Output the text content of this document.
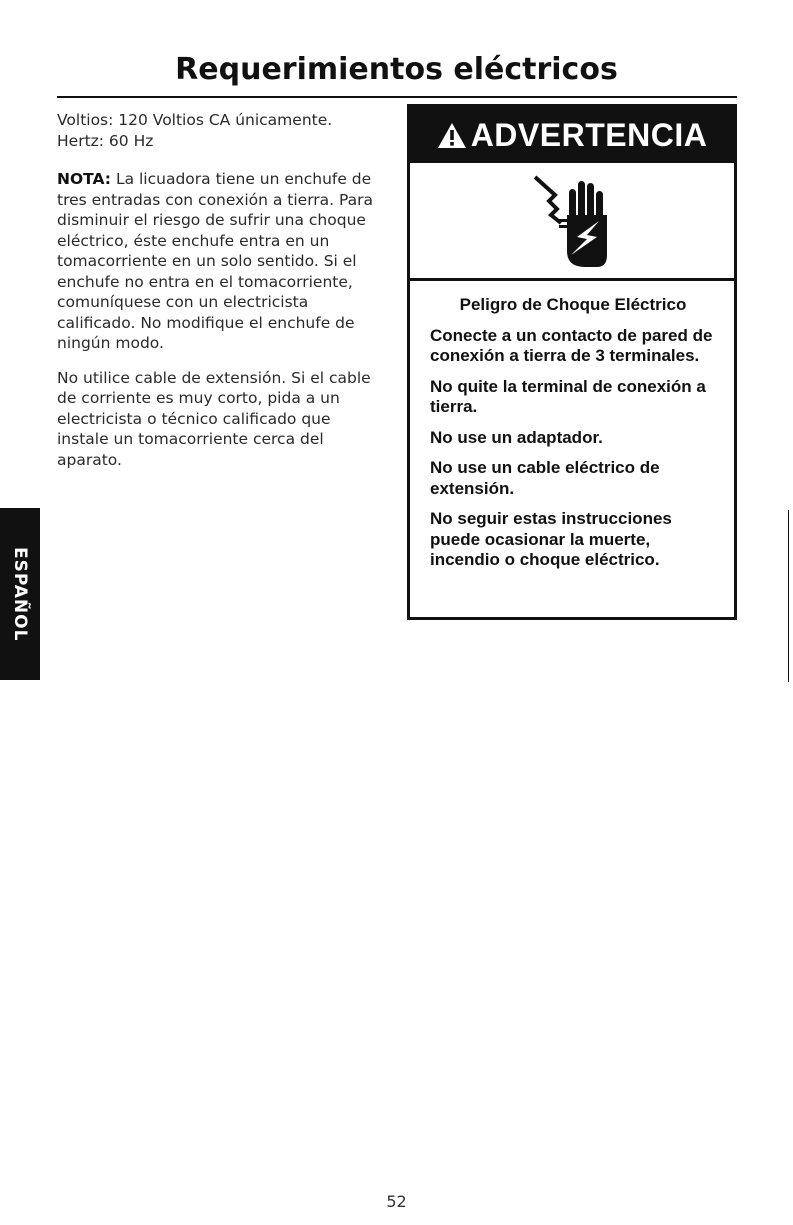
Requerimientos eléctricos

Voltios: 120 Voltios CA únicamente.

Hertz: 60 Hz

NOTA: La licuadora tiene un enchufe de tres entradas con conexión a tierra. Para disminuir el riesgo de sufrir una choque eléctrico, éste enchufe entra en un tomacorriente en un solo sentido. Si el enchufe no entra en el tomacorriente, comuníquese con un electricista calificado. No modifique el enchufe de ningún modo.

No utilice cable de extensión. Si el cable de corriente es muy corto, pida a un electricista o técnico calificado que instale un tomacorriente cerca del aparato.

ADVERTENCIA

Peligro de Choque Eléctrico

Conecte a un contacto de pared de conexión a tierra de 3 terminales.

No quite la terminal de conexión a tierra.

No use un adaptador.

No use un cable eléctrico de extensión.

No seguir estas instrucciones puede ocasionar la muerte, incendio o choque eléctrico.

ESPAÑOL
52
